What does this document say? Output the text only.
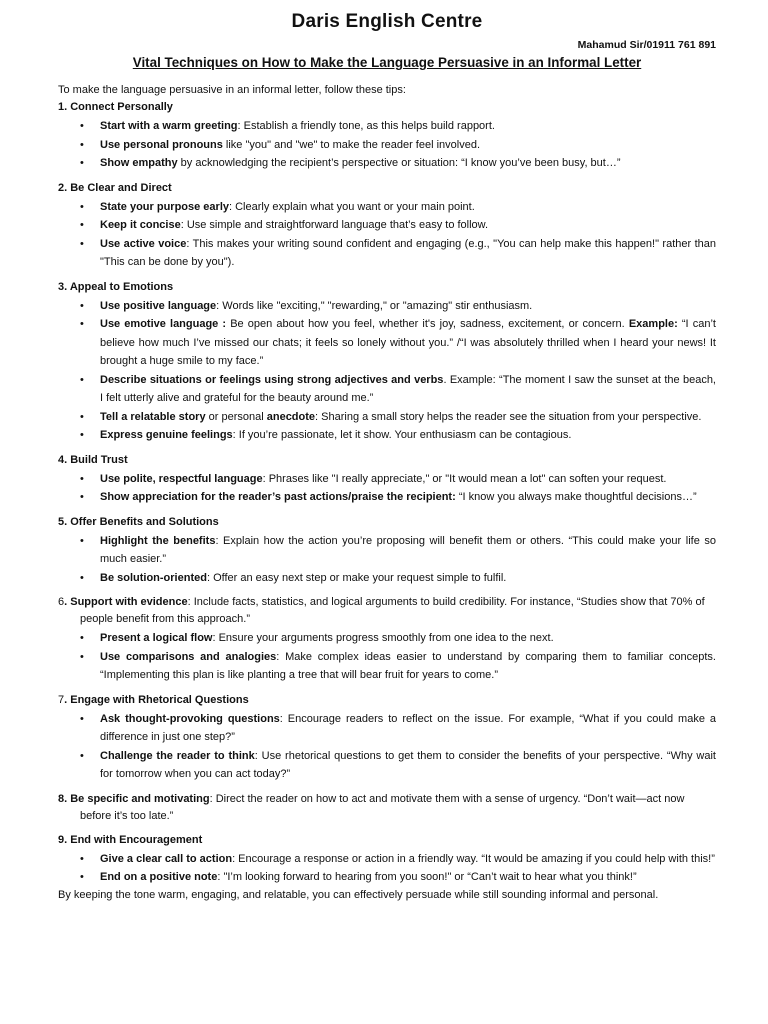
Daris English Centre
Mahamud Sir/01911 761 891
Vital Techniques on How to Make the Language Persuasive in an Informal Letter
To make the language persuasive in an informal letter, follow these tips:
1. Connect Personally
• Start with a warm greeting: Establish a friendly tone, as this helps build rapport.
• Use personal pronouns like "you" and "we" to make the reader feel involved.
• Show empathy by acknowledging the recipient’s perspective or situation: “I know you’ve been busy, but…”
2. Be Clear and Direct
• State your purpose early: Clearly explain what you want or your main point.
• Keep it concise: Use simple and straightforward language that’s easy to follow.
• Use active voice: This makes your writing sound confident and engaging (e.g., "You can help make this happen!" rather than "This can be done by you").
3. Appeal to Emotions
• Use positive language: Words like "exciting," "rewarding," or "amazing" stir enthusiasm.
• Use emotive language : Be open about how you feel, whether it's joy, sadness, excitement, or concern. Example: “I can’t believe how much I’ve missed our chats; it feels so lonely without you.” /“I was absolutely thrilled when I heard your news! It brought a huge smile to my face.”
• Describe situations or feelings using strong adjectives and verbs. Example: “The moment I saw the sunset at the beach, I felt utterly alive and grateful for the beauty around me.”
• Tell a relatable story or personal anecdote: Sharing a small story helps the reader see the situation from your perspective.
• Express genuine feelings: If you’re passionate, let it show. Your enthusiasm can be contagious.
4. Build Trust
• Use polite, respectful language: Phrases like "I really appreciate," or "It would mean a lot" can soften your request.
• Show appreciation for the reader’s past actions/praise the recipient: “I know you always make thoughtful decisions…”
5. Offer Benefits and Solutions
• Highlight the benefits: Explain how the action you’re proposing will benefit them or others. “This could make your life so much easier.”
• Be solution-oriented: Offer an easy next step or make your request simple to fulfil.
6. Support with evidence: Include facts, statistics, and logical arguments to build credibility. For instance, “Studies show that 70% of people benefit from this approach.”
• Present a logical flow: Ensure your arguments progress smoothly from one idea to the next.
• Use comparisons and analogies: Make complex ideas easier to understand by comparing them to familiar concepts. “Implementing this plan is like planting a tree that will bear fruit for years to come.”
7. Engage with Rhetorical Questions
• Ask thought-provoking questions: Encourage readers to reflect on the issue. For example, “What if you could make a difference in just one step?”
• Challenge the reader to think: Use rhetorical questions to get them to consider the benefits of your perspective. “Why wait for tomorrow when you can act today?”
8. Be specific and motivating: Direct the reader on how to act and motivate them with a sense of urgency. “Don’t wait—act now before it’s too late.”
9. End with Encouragement
• Give a clear call to action: Encourage a response or action in a friendly way. “It would be amazing if you could help with this!”
• End on a positive note: "I’m looking forward to hearing from you soon!" or “Can’t wait to hear what you think!”
By keeping the tone warm, engaging, and relatable, you can effectively persuade while still sounding informal and personal.
